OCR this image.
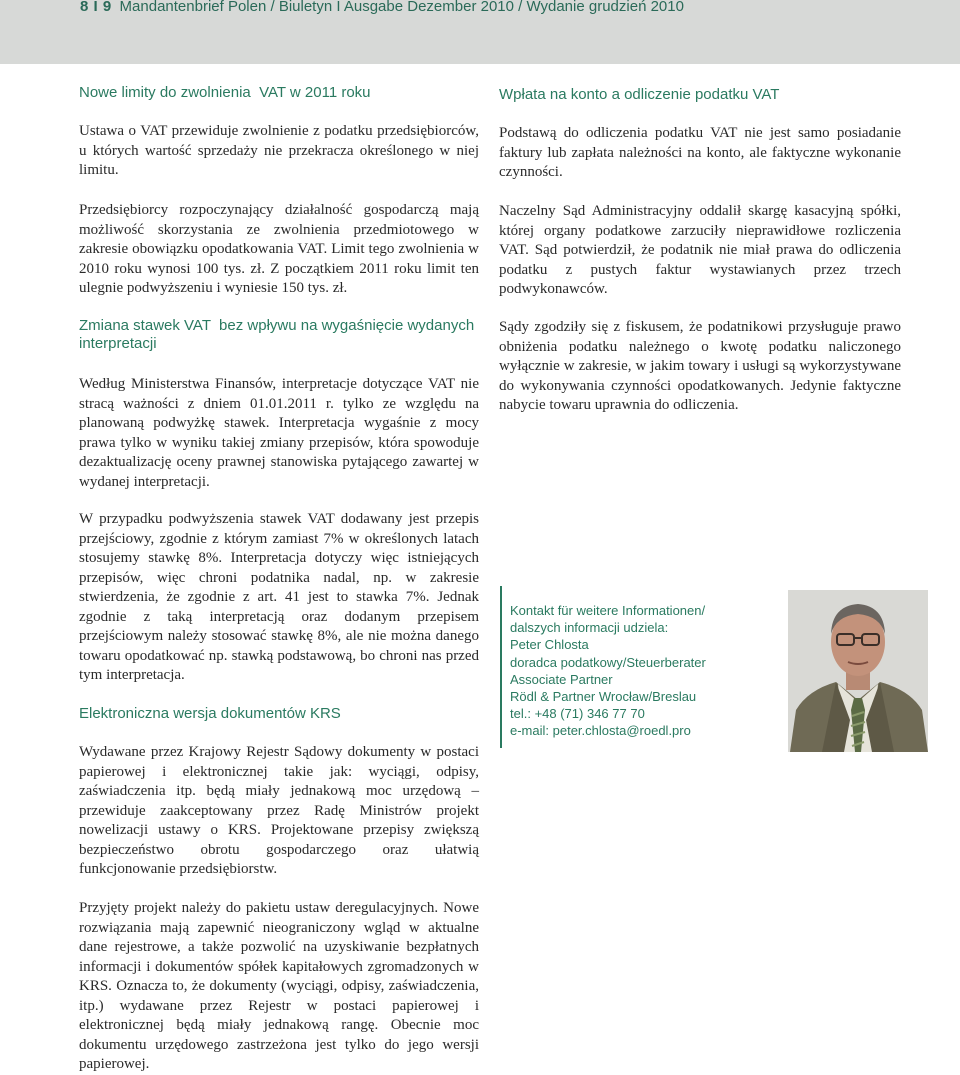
8 I 9 Mandantenbrief Polen / Biuletyn I Ausgabe Dezember 2010 / Wydanie grudzień 2010
Nowe limity do zwolnienia  VAT w 2011 roku

Ustawa o VAT przewiduje zwolnienie z podatku przedsiębiorców, u których wartość sprzedaży nie przekracza określonego w niej limitu.

Przedsiębiorcy rozpoczynający działalność gospodarczą mają możliwość skorzystania ze zwolnienia przedmiotowego w zakresie obowiązku opodatkowania VAT. Limit tego zwolnienia w 2010 roku wynosi 100 tys. zł. Z początkiem 2011 roku limit ten ulegnie podwyższeniu i wyniesie 150 tys. zł.

Zmiana stawek VAT  bez wpływu na wygaśnięcie wydanych interpretacji

Według Ministerstwa Finansów, interpretacje dotyczące VAT nie stracą ważności z dniem 01.01.2011 r. tylko ze względu na planowaną podwyżkę stawek. Interpretacja wygaśnie z mocy prawa tylko w wyniku takiej zmiany przepisów, która spowoduje dezaktualizację oceny prawnej stanowiska pytającego zawartej w wydanej interpretacji.

W przypadku podwyższenia stawek VAT dodawany jest przepis przejściowy, zgodnie z którym zamiast 7% w określonych latach stosujemy stawkę 8%. Interpretacja dotyczy więc istniejących przepisów, więc chroni podatnika nadal, np. w zakresie stwierdzenia, że zgodnie z art. 41 jest to stawka 7%. Jednak zgodnie z taką interpretacją oraz dodanym przepisem przejściowym należy stosować stawkę 8%, ale nie można danego towaru opodatkować np. stawką podstawową, bo chroni nas przed tym interpretacja.

Elektroniczna wersja dokumentów KRS

Wydawane przez Krajowy Rejestr Sądowy dokumenty w postaci papierowej i elektronicznej takie jak: wyciągi, odpisy, zaświadczenia itp. będą miały jednakową moc urzędową – przewiduje zaakceptowany przez Radę Ministrów projekt nowelizacji ustawy o KRS. Projektowane przepisy zwiększą bezpieczeństwo obrotu gospodarczego oraz ułatwią funkcjonowanie przedsiębiorstw.

Przyjęty projekt należy do pakietu ustaw deregulacyjnych. Nowe rozwiązania mają zapewnić nieograniczony wgląd w aktualne dane rejestrowe, a także pozwolić na uzyskiwanie bezpłatnych informacji i dokumentów spółek kapitałowych zgromadzonych w KRS. Oznacza to, że dokumenty (wyciągi, odpisy, zaświadczenia, itp.) wydawane przez Rejestr w postaci papierowej i elektronicznej będą miały jednakową rangę. Obecnie moc dokumentu urzędowego zastrzeżona jest tylko do jego wersji papierowej.

Wpłata na konto a odliczenie podatku VAT

Podstawą do odliczenia podatku VAT nie jest samo posiadanie faktury lub zapłata należności na konto, ale faktyczne wykonanie czynności.

Naczelny Sąd Administracyjny oddalił skargę kasacyjną spółki, której organy podatkowe zarzuciły nieprawidłowe rozliczenia VAT. Sąd potwierdził, że podatnik nie miał prawa do odliczenia podatku z pustych faktur wystawianych przez trzech podwykonawców.

Sądy zgodziły się z fiskusem, że podatnikowi przysługuje prawo obniżenia podatku należnego o kwotę podatku naliczonego wyłącznie w zakresie, w jakim towary i usługi są wykorzystywane do wykonywania czynności opodatkowanych. Jedynie faktyczne nabycie towaru uprawnia do odliczenia.

Kontakt für weitere Informationen/
dalszych informacji udziela:
Peter Chlosta
doradca podatkowy/Steuerberater
Associate Partner
Rödl & Partner Wrocław/Breslau
tel.: +48 (71) 346 77 70
e-mail: peter.chlosta@roedl.pro
